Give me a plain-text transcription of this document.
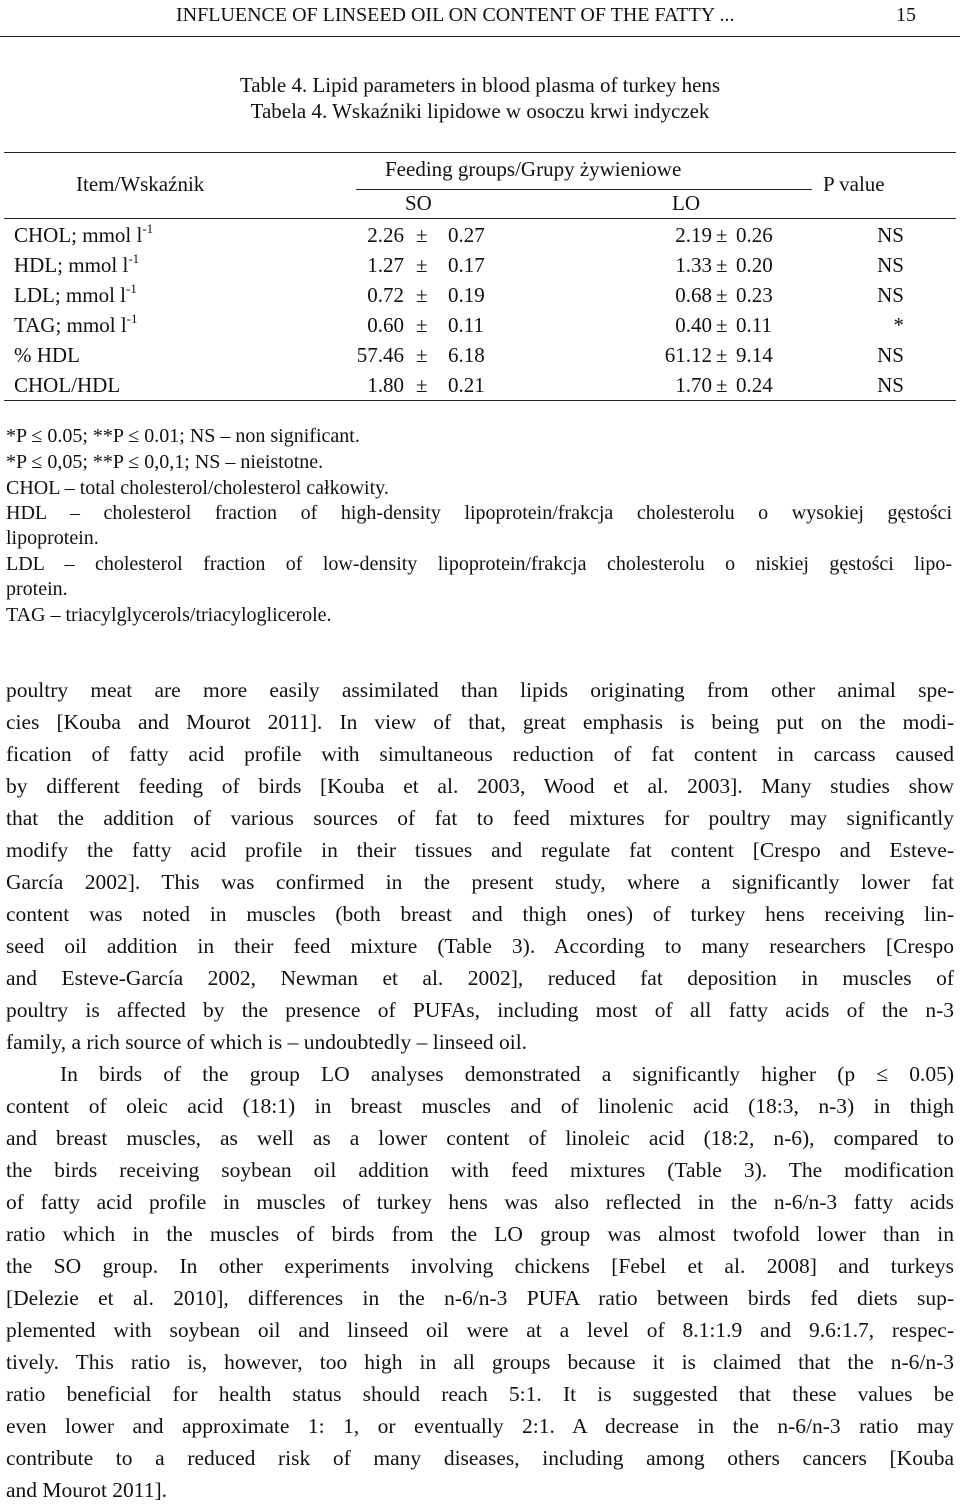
INFLUENCE OF LINSEED OIL ON CONTENT OF THE FATTY ...	15
Table 4. Lipid parameters in blood plasma of turkey hens
Tabela 4. Wskaźniki lipidowe w osoczu krwi indyczek
Item/Wskaźnik
Feeding groups/Grupy żywieniowe
SO	LO
P value
CHOL; mmol $l^{-1}$	2.26 ± 0.27	2.19 ± 0.26	NS
HDL; mmol $l^{-1}$	1.27 ± 0.17	1.33 ± 0.20	NS
LDL; mmol $l^{-1}$	0.72 ± 0.19	0.68 ± 0.23	NS
TAG; mmol $l^{-1}$	0.60 ± 0.11	0.40 ± 0.11	*
% HDL	57.46 ± 6.18	61.12 ± 9.14	NS
CHOL/HDL	1.80 ± 0.21	1.70 ± 0.24	NS
*P ≤ 0.05; **P ≤ 0.01; NS – non significant.
*P ≤ 0,05; **P ≤ 0,0,1; NS – nieistotne.
CHOL – total cholesterol/cholesterol całkowity.
HDL – cholesterol fraction of high-density lipoprotein/frakcja cholesterolu o wysokiej gęstości
lipoprotein.
LDL – cholesterol fraction of low-density lipoprotein/frakcja cholesterolu o niskiej gęstości lipo-
protein.
TAG – triacylglycerols/triacyloglicerole.
poultry meat are more easily assimilated than lipids originating from other animal spe-
cies [Kouba and Mourot 2011]. In view of that, great emphasis is being put on the modi-
fication of fatty acid profile with simultaneous reduction of fat content in carcass caused
by different feeding of birds [Kouba et al. 2003, Wood et al. 2003]. Many studies show
that the addition of various sources of fat to feed mixtures for poultry may significantly
modify the fatty acid profile in their tissues and regulate fat content [Crespo and Esteve-
García 2002]. This was confirmed in the present study, where a significantly lower fat
content was noted in muscles (both breast and thigh ones) of turkey hens receiving lin-
seed oil addition in their feed mixture (Table 3). According to many researchers [Crespo
and Esteve-García 2002, Newman et al. 2002], reduced fat deposition in muscles of
poultry is affected by the presence of PUFAs, including most of all fatty acids of the n-3
family, a rich source of which is – undoubtedly – linseed oil.
In birds of the group LO analyses demonstrated a significantly higher (p ≤ 0.05)
content of oleic acid (18:1) in breast muscles and of linolenic acid (18:3, n-3) in thigh
and breast muscles, as well as a lower content of linoleic acid (18:2, n-6), compared to
the birds receiving soybean oil addition with feed mixtures (Table 3). The modification
of fatty acid profile in muscles of turkey hens was also reflected in the n-6/n-3 fatty acids
ratio which in the muscles of birds from the LO group was almost twofold lower than in
the SO group. In other experiments involving chickens [Febel et al. 2008] and turkeys
[Delezie et al. 2010], differences in the n-6/n-3 PUFA ratio between birds fed diets sup-
plemented with soybean oil and linseed oil were at a level of 8.1:1.9 and 9.6:1.7, respec-
tively. This ratio is, however, too high in all groups because it is claimed that the n-6/n-3
ratio beneficial for health status should reach 5:1. It is suggested that these values be
even lower and approximate 1: 1, or eventually 2:1. A decrease in the n-6/n-3 ratio may
contribute to a reduced risk of many diseases, including among others cancers [Kouba
and Mourot 2011].
